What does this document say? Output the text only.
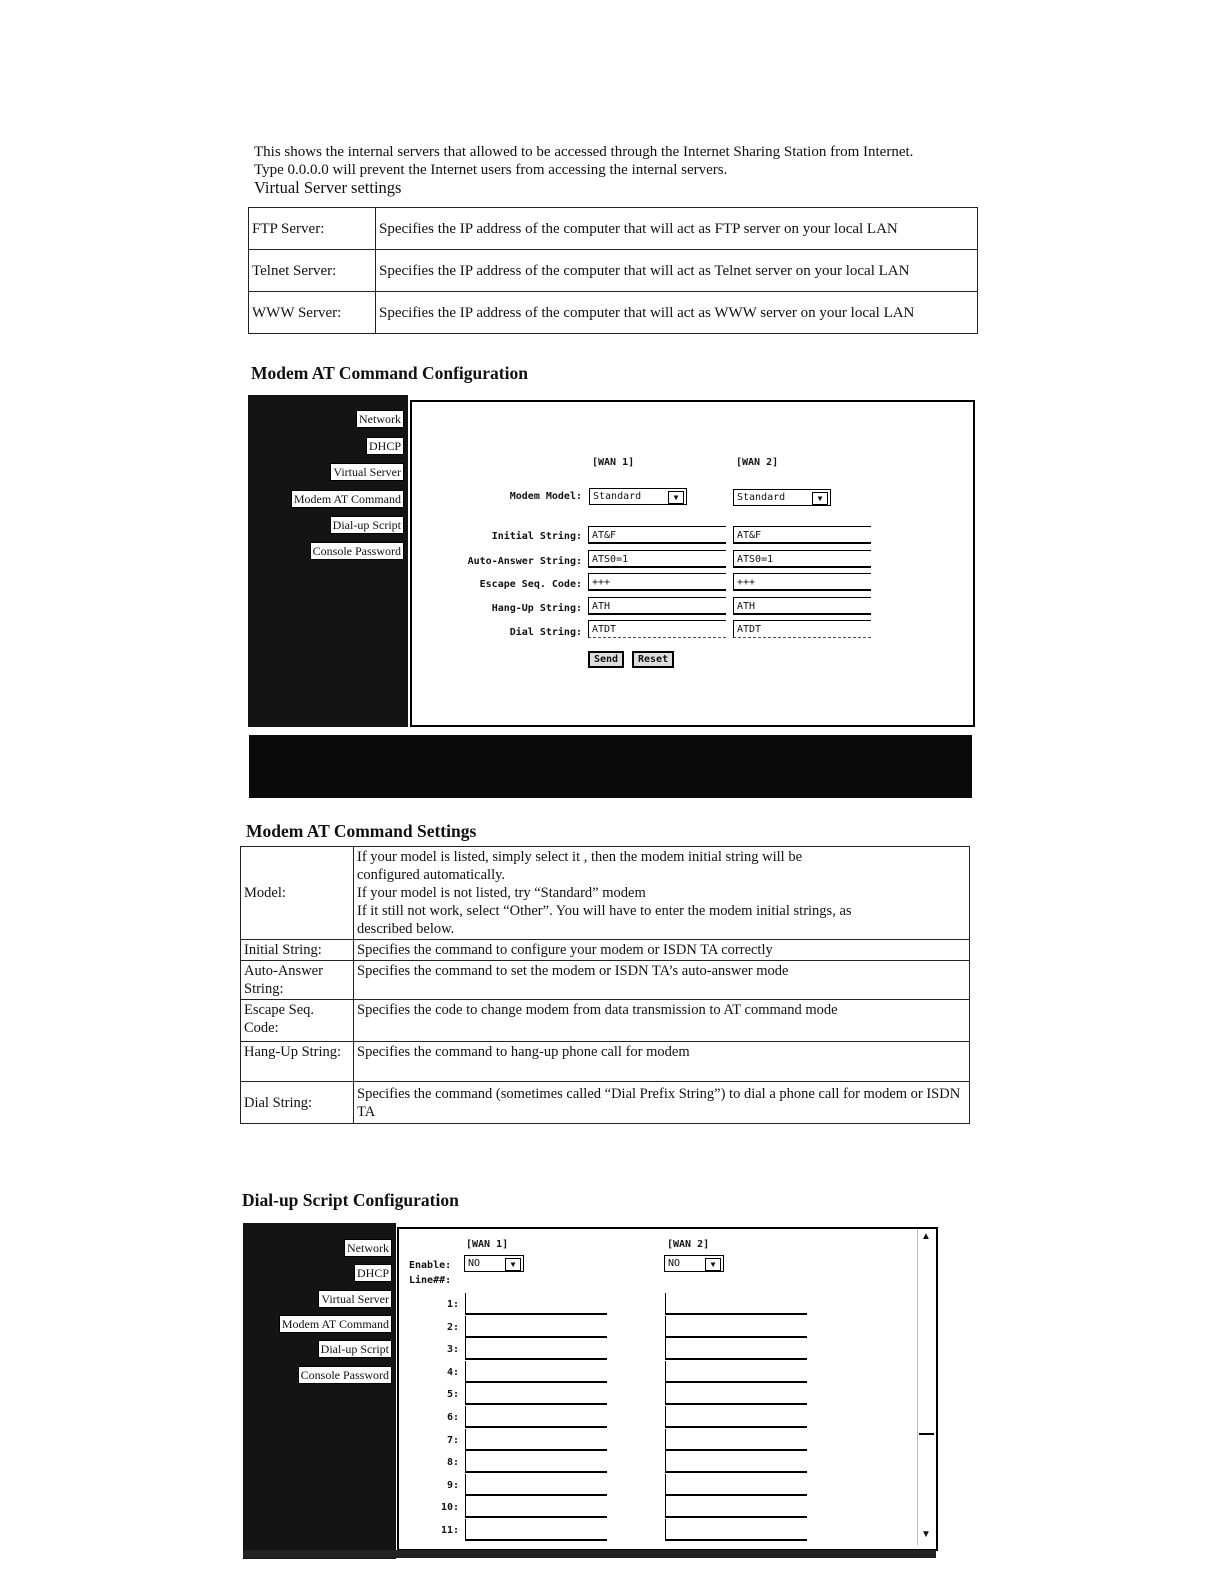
This shows the internal servers that allowed to be accessed through the Internet Sharing Station from Internet.
Type 0.0.0.0 will prevent the Internet users from accessing the internal servers.
Virtual Server settings
FTP Server:	Specifies the IP address of the computer that will act as FTP server on your local LAN
Telnet Server:	Specifies the IP address of the computer that will act as Telnet server on your local LAN
WWW Server:	Specifies the IP address of the computer that will act as WWW server on your local LAN
Modem AT Command Configuration
Network
DHCP
Virtual Server
Modem AT Command
Dial-up Script
Console Password
[WAN 1]	[WAN 2]
Modem Model:	Standard	▼	Standard	▼
Initial String:	AT&F	AT&F
Auto-Answer String:	ATS0=1	ATS0=1
Escape Seq. Code:	+++	+++
Hang-Up String:	ATH	ATH
Dial String:	ATDT	ATDT
Send	Reset
Modem AT Command Settings
Model:	If your model is listed, simply select it , then the modem initial string will be
configured automatically.
If your model is not listed, try “Standard” modem
If it still not work, select “Other”. You will have to enter the modem initial strings, as
described below.

Initial String:	Specifies the command to configure your modem or ISDN TA correctly
Auto-Answer String:	Specifies the command to set the modem or ISDN TA’s auto-answer mode
Escape Seq. Code:	Specifies the code to change modem from data transmission to AT command mode
Hang-Up String:	Specifies the command to hang-up phone call for modem
Dial String:	Specifies the command (sometimes called “Dial Prefix String”) to dial a phone call for modem or ISDN TA
Dial-up Script Configuration
Network
DHCP
Virtual Server
Modem AT Command
Dial-up Script
Console Password
[WAN 1]	[WAN 2]
Enable:	NO	▼	NO	▼
Line##:
1:
2:
3:
4:
5:
6:
7:
8:
9:
10:
11:
▲
▼
